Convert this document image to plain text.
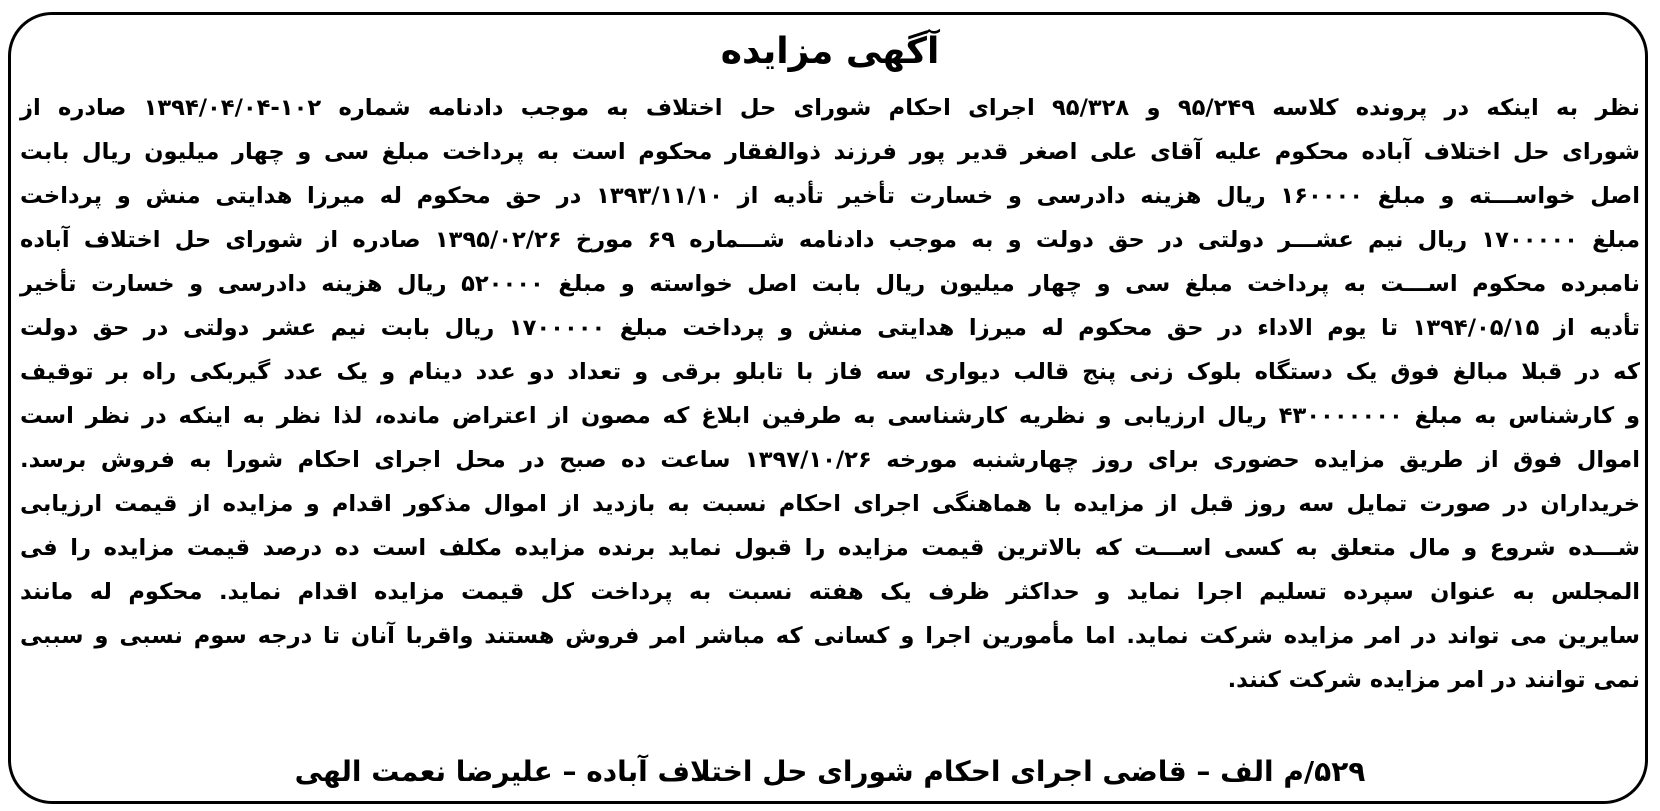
آگهی مزایده
نظر به اینکه در پرونده کلاسه ۹۵/۲۴۹ و ۹۵/۳۲۸ اجرای احکام شورای حل اختلاف به موجب دادنامه شماره ۱۰۲-۱۳۹۴/۰۴/۰۴ صادره از
شورای حل اختلاف آباده محکوم علیه آقای علی اصغر قدیر پور فرزند ذوالفقار محکوم است به پرداخت مبلغ سی و چهار میلیون ریال بابت
اصل خواســـته و مبلغ ۱۶۰۰۰۰ ریال هزینه دادرسی و خسارت تأخیر تأدیه از ۱۳۹۳/۱۱/۱۰ در حق محکوم له میرزا هدایتی منش و پرداخت
مبلغ ۱۷۰۰۰۰۰ ریال نیم عشـــر دولتی در حق دولت و به موجب دادنامه شـــماره ۶۹ مورخ ۱۳۹۵/۰۲/۲۶ صادره از شورای حل اختلاف آباده
نامبرده محکوم اســـت به پرداخت مبلغ سی و چهار میلیون ریال بابت اصل خواسته و مبلغ ۵۲۰۰۰۰ ریال هزینه دادرسی و خسارت تأخیر
تأدیه از ۱۳۹۴/۰۵/۱۵ تا یوم الاداء در حق محکوم له میرزا هدایتی منش و پرداخت مبلغ ۱۷۰۰۰۰۰ ریال بابت نیم عشر دولتی در حق دولت
که در قبلا مبالغ فوق یک دستگاه بلوک زنی پنج قالب دیواری سه فاز با تابلو برقی و تعداد دو عدد دینام و یک عدد گیربکی راه بر توقیف
و کارشناس به مبلغ ۴۳۰۰۰۰۰۰۰ ریال ارزیابی و نظریه کارشناسی به طرفین ابلاغ که مصون از اعتراض مانده، لذا نظر به اینکه در نظر است
اموال فوق از طریق مزایده حضوری برای روز چهارشنبه مورخه ۱۳۹۷/۱۰/۲۶ ساعت ده صبح در محل اجرای احکام شورا به فروش برسد.
خریداران در صورت تمایل سه روز قبل از مزایده با هماهنگی اجرای احکام نسبت به بازدید از اموال مذکور اقدام و مزایده از قیمت ارزیابی
شـــده شروع و مال متعلق به کسی اســـت که بالاترین قیمت مزایده را قبول نماید برنده مزایده مکلف است ده درصد قیمت مزایده را فی
المجلس به عنوان سپرده تسلیم اجرا نماید و حداکثر ظرف یک هفته نسبت به پرداخت کل قیمت مزایده اقدام نماید. محکوم له مانند
سایرین می تواند در امر مزایده شرکت نماید. اما مأمورین اجرا و کسانی که مباشر امر فروش هستند واقربا آنان تا درجه سوم نسبی و سببی
نمی توانند در امر مزایده شرکت کنند.
۵۲۹/م الف – قاضی اجرای احکام شورای حل اختلاف آباده – علیرضا نعمت الهی
